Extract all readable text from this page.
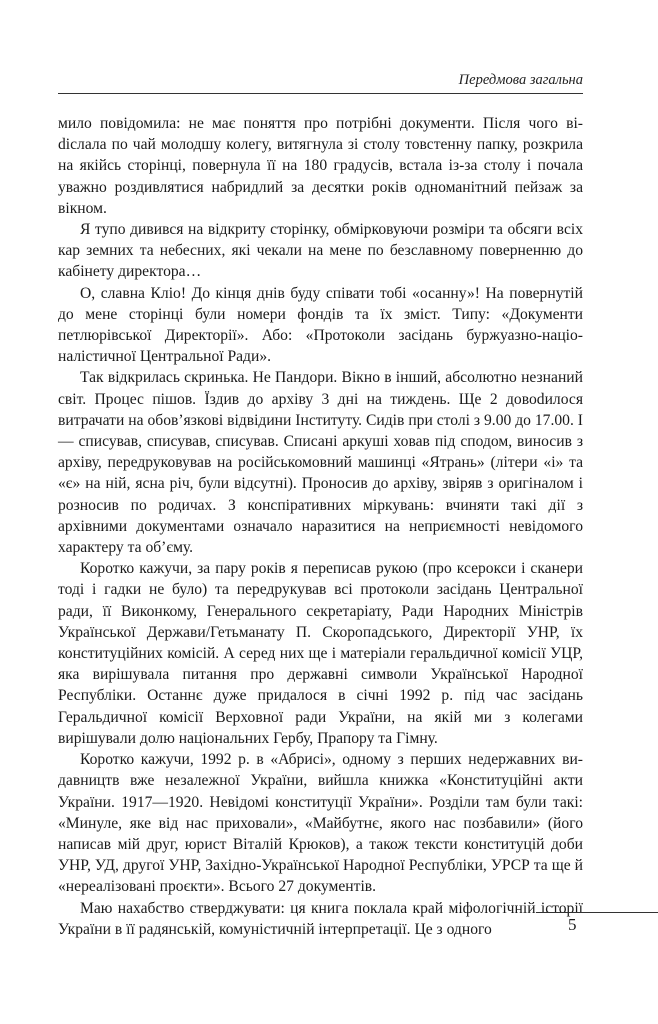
Передмова загальна

мило повідомила: не має поняття про потрібні документи. Після чого віdіслала по чай молодшу колегу, витягнула зі столу товстенну папку, розкрила на якійсь сторінці, повернула її на 180 градусів, встала із-за столу і почала уважно роздивлятися набридлий за десятки років одноманітний пейзаж за вікном.

Я тупо дивився на відкриту сторінку, обмірковуючи розміри та обсяги всіх кар земних та небесних, які чекали на мене по безславному поверненню до кабінету директора…

О, славна Кліо! До кінця днів буду співати тобі «осанну»! На повернутій до мене сторінці були номери фондів та їх зміст. Типу: «Документи петлюрівської Директорії». Або: «Протоколи засідань буржуазно-націоналістичної Центральної Ради».

Так відкрилась скринька. Не Пандори. Вікно в інший, абсолютно незнаний світ. Процес пішов. Їздив до архіву 3 дні на тиждень. Ще 2 довоdилося витрачати на обов’язкові відвідини Інституту. Сидів при столі з 9.00 до 17.00. І — списував, списував, списував. Списані аркуші ховав під сподом, виносив з архіву, передруковував на російськомовний машинці «Ятрань» (літери «і» та «є» на ній, ясна річ, були відсутні). Проносив до архіву, звіряв з оригіналом і розносив по родичах. З конспіративних міркувань: вчиняти такі дії з архівними документами означало наразитися на неприємності невідомого характеру та об’єму.

Коротко кажучи, за пару років я переписав рукою (про ксерокси і сканери тоді і гадки не було) та передрукував всі протоколи засідань Центральної ради, її Виконкому, Генерального секретаріату, Ради Народних Міністрів Української Держави/Гетьманату П. Скоропадського, Директорії УНР, їх конституційних комісій. А серед них ще і матеріали геральдичної комісії УЦР, яка вирішувала питання про державні символи Української Народної Республіки. Останнє дуже придалося в січні 1992 р. під час засідань Геральдичної комісії Верховної ради України, на якій ми з колегами вирішували долю національних Гербу, Прапору та Гімну.

Коротко кажучи, 1992 р. в «Абрисі», одному з перших недержавних видавництв вже незалежної України, вийшла книжка «Конституційні акти України. 1917—1920. Невідомі конституції України». Розділи там були такі: «Минуле, яке від нас приховали», «Майбутнє, якого нас позбавили» (його написав мій друг, юрист Віталій Крюков), а також тексти конституцій доби УНР, УД, другої УНР, Західно-Української Народної Республіки, УРСР та ще й «нереалізовані проєкти». Всього 27 документів.

Маю нахабство стверджувати: ця книга поклала край міфологічній історії України в її радянській, комуністичній інтерпретації. Це з одного	5
